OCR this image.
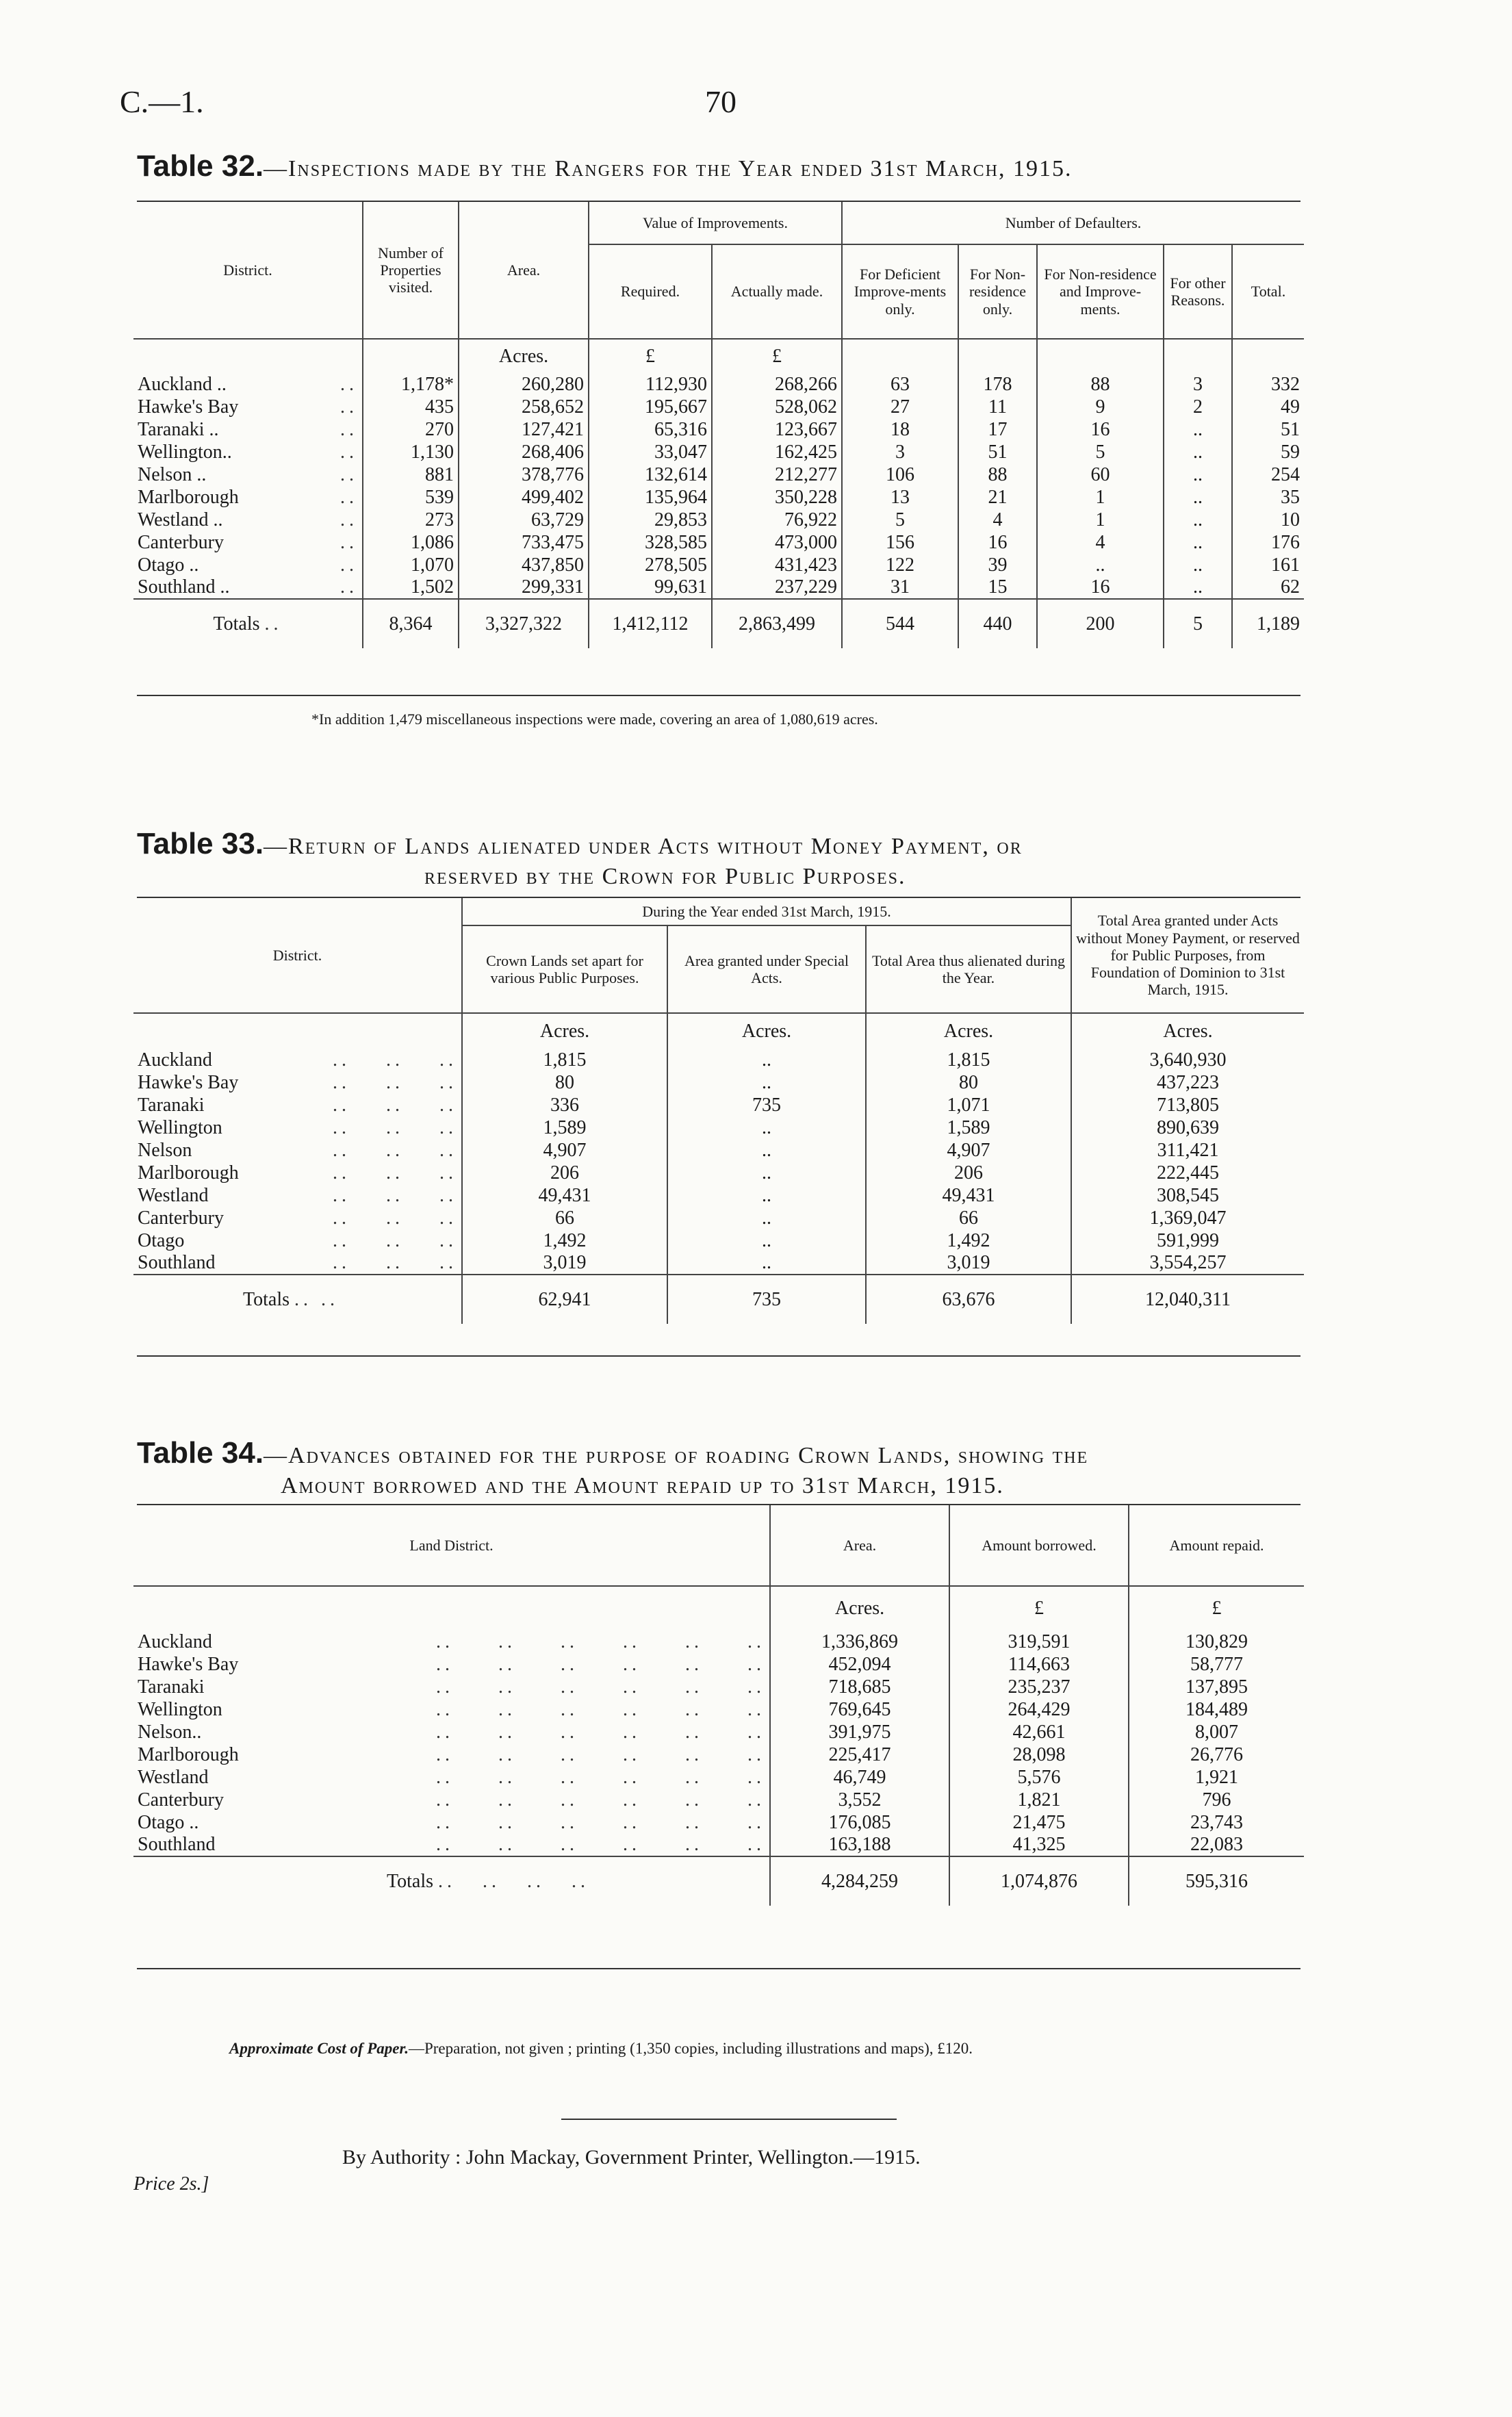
C.—1.	70
Table 32.—Inspections made by the Rangers for the Year ended 31st March, 1915.
District.	Number of Properties visited.	Area.	Value of Improvements.		Number of Defaulters.				
			Required.	Actually made.	For Deficient Improve-ments only.	For Non-residence only.	For Non-residence and Improve-ments.	For other Reasons.	Total.
		Acres.	£	£					
Auckland .. ..	1,178*	260,280	112,930	268,266	63	178	88	3	332
Hawke's Bay ..	435	258,652	195,667	528,062	27	11	9	2	49
Taranaki .. ..	270	127,421	65,316	123,667	18	17	16	..	51
Wellington.. ..	1,130	268,406	33,047	162,425	3	51	5	..	59
Nelson .. ..	881	378,776	132,614	212,277	106	88	60	..	254
Marlborough ..	539	499,402	135,964	350,228	13	21	1	..	35
Westland .. ..	273	63,729	29,853	76,922	5	4	1	..	10
Canterbury ..	1,086	733,475	328,585	473,000	156	16	4	..	176
Otago .. ..	1,070	437,850	278,505	431,423	122	39	..	..	161
Southland .. ..	1,502	299,331	99,631	237,229	31	15	16	..	62
Totals ..	8,364	3,327,322	1,412,112	2,863,499	544	440	200	5	1,189
*In addition 1,479 miscellaneous inspections were made, covering an area of 1,080,619 acres.
Table 33.—Return of Lands alienated under Acts without Money Payment, or
reserved by the Crown for Public Purposes.
District.	During the Year ended 31st March, 1915.			Total Area granted under Acts without Money Payment, or reserved for Public Purposes, from Foundation of Dominion to 31st March, 1915.
	Crown Lands set apart for various Public Purposes.	Area granted under Special Acts.	Total Area thus alienated during the Year.	
	Acres.	Acres.	Acres.	Acres.
Auckland ..    ..    ..	1,815	..	1,815	3,640,930
Hawke's Bay ..    ..    ..	80	..	80	437,223
Taranaki ..    ..    ..	336	735	1,071	713,805
Wellington ..    ..    ..	1,589	..	1,589	890,639
Nelson ..    ..    ..	4,907	..	4,907	311,421
Marlborough ..    ..    ..	206	..	206	222,445
Westland ..    ..    ..	49,431	..	49,431	308,545
Canterbury ..    ..    ..	66	..	66	1,369,047
Otago ..    ..    ..	1,492	..	1,492	591,999
Southland ..    ..    ..	3,019	..	3,019	3,554,257
Totals .. ..	62,941	735	63,676	12,040,311
Table 34.—Advances obtained for the purpose of roading Crown Lands, showing the
Amount borrowed and the Amount repaid up to 31st March, 1915.
Land District.	Area.	Amount borrowed.	Amount repaid.
	Acres.	£	£
Auckland ..     ..     ..     ..     ..     ..	1,336,869	319,591	130,829
Hawke's Bay ..     ..     ..     ..     ..     ..	452,094	114,663	58,777
Taranaki ..     ..     ..     ..     ..     ..	718,685	235,237	137,895
Wellington ..     ..     ..     ..     ..     ..	769,645	264,429	184,489
Nelson.. ..     ..     ..     ..     ..     ..	391,975	42,661	8,007
Marlborough ..     ..     ..     ..     ..     ..	225,417	28,098	26,776
Westland ..     ..     ..     ..     ..     ..	46,749	5,576	1,921
Canterbury ..     ..     ..     ..     ..     ..	3,552	1,821	796
Otago .. ..     ..     ..     ..     ..     ..	176,085	21,475	23,743
Southland ..     ..     ..     ..     ..     ..	163,188	41,325	22,083
Totals ..   ..   ..   ..	4,284,259	1,074,876	595,316
Approximate Cost of Paper.—Preparation, not given ; printing (1,350 copies, including illustrations and maps), £120.
By Authority : John Mackay, Government Printer, Wellington.—1915.
Price 2s.]
